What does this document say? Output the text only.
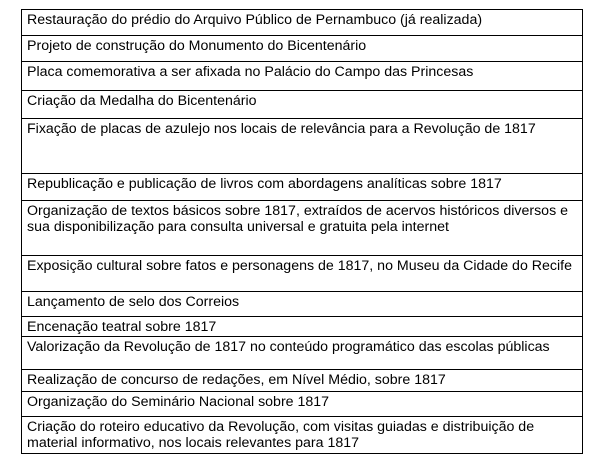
Restauração do prédio do Arquivo Público de Pernambuco (já realizada)
Projeto de construção do Monumento do Bicentenário
Placa comemorativa a ser afixada no Palácio do Campo das Princesas
Criação da Medalha do Bicentenário
Fixação de placas de azulejo nos locais de relevância para a Revolução de 1817
Republicação e publicação de livros com abordagens analíticas sobre 1817
Organização de textos básicos sobre 1817, extraídos de acervos históricos diversos e sua disponibilização para consulta universal e gratuita pela internet
Exposição cultural sobre fatos e personagens de 1817, no Museu da Cidade do Recife
Lançamento de selo dos Correios
Encenação teatral sobre 1817
Valorização da Revolução de 1817 no conteúdo programático das escolas públicas
Realização de concurso de redações, em Nível Médio, sobre 1817
Organização do Seminário Nacional sobre 1817
Criação do roteiro educativo da Revolução, com visitas guiadas e distribuição de material informativo, nos locais relevantes para 1817
